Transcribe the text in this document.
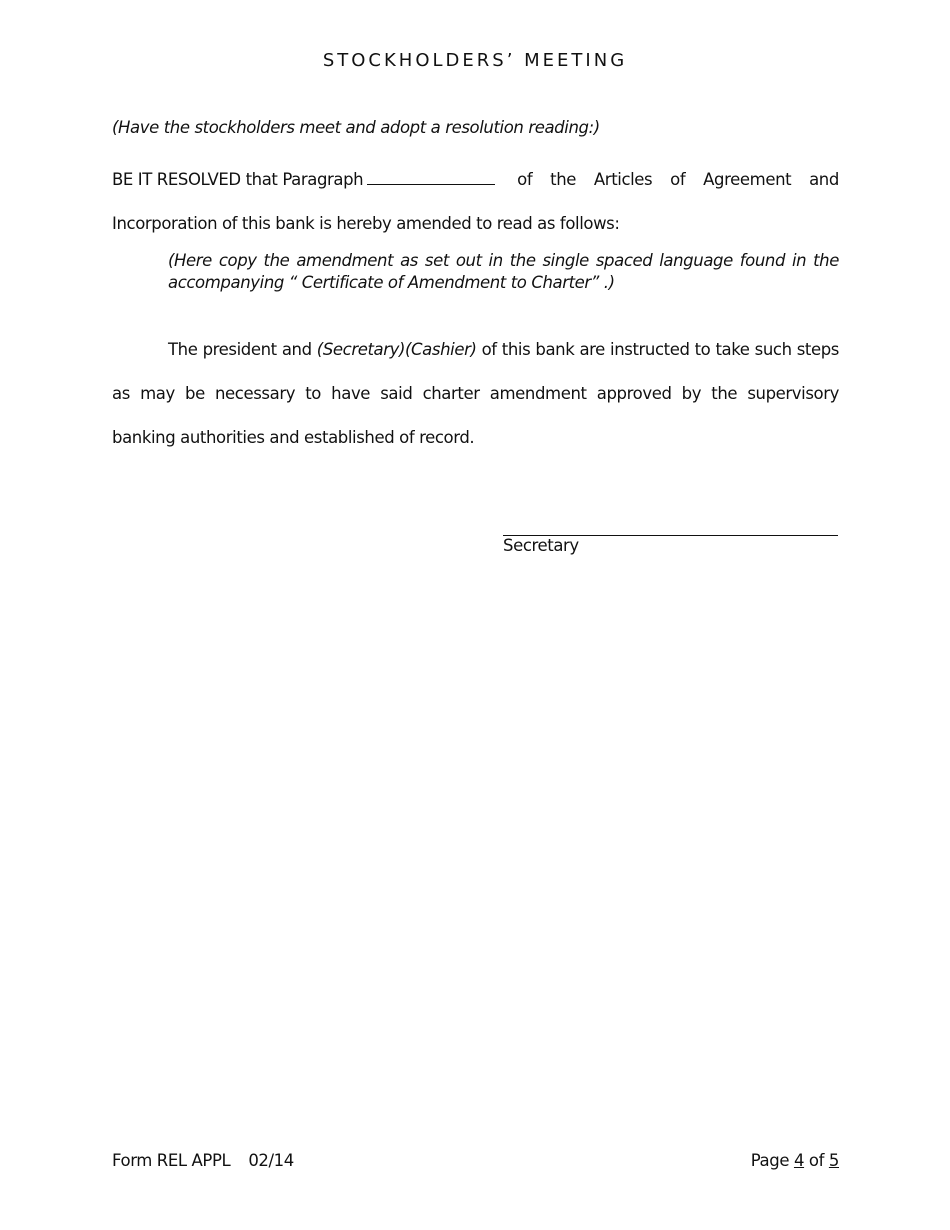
STOCKHOLDERS’ MEETING
(Have the stockholders meet and adopt a resolution reading:)
BE IT RESOLVED that Paragraph	of the Articles of Agreement and
Incorporation of this bank is hereby amended to read as follows:
(Here copy the amendment as set out in the single spaced language found in the accompanying “ Certificate of Amendment to Charter” .)
The president and (Secretary)(Cashier) of this bank are instructed to take such steps as may be necessary to have said charter amendment approved by the supervisory banking authorities and established of record.
Secretary
Form REL APPL 02/14	Page 4 of 5
